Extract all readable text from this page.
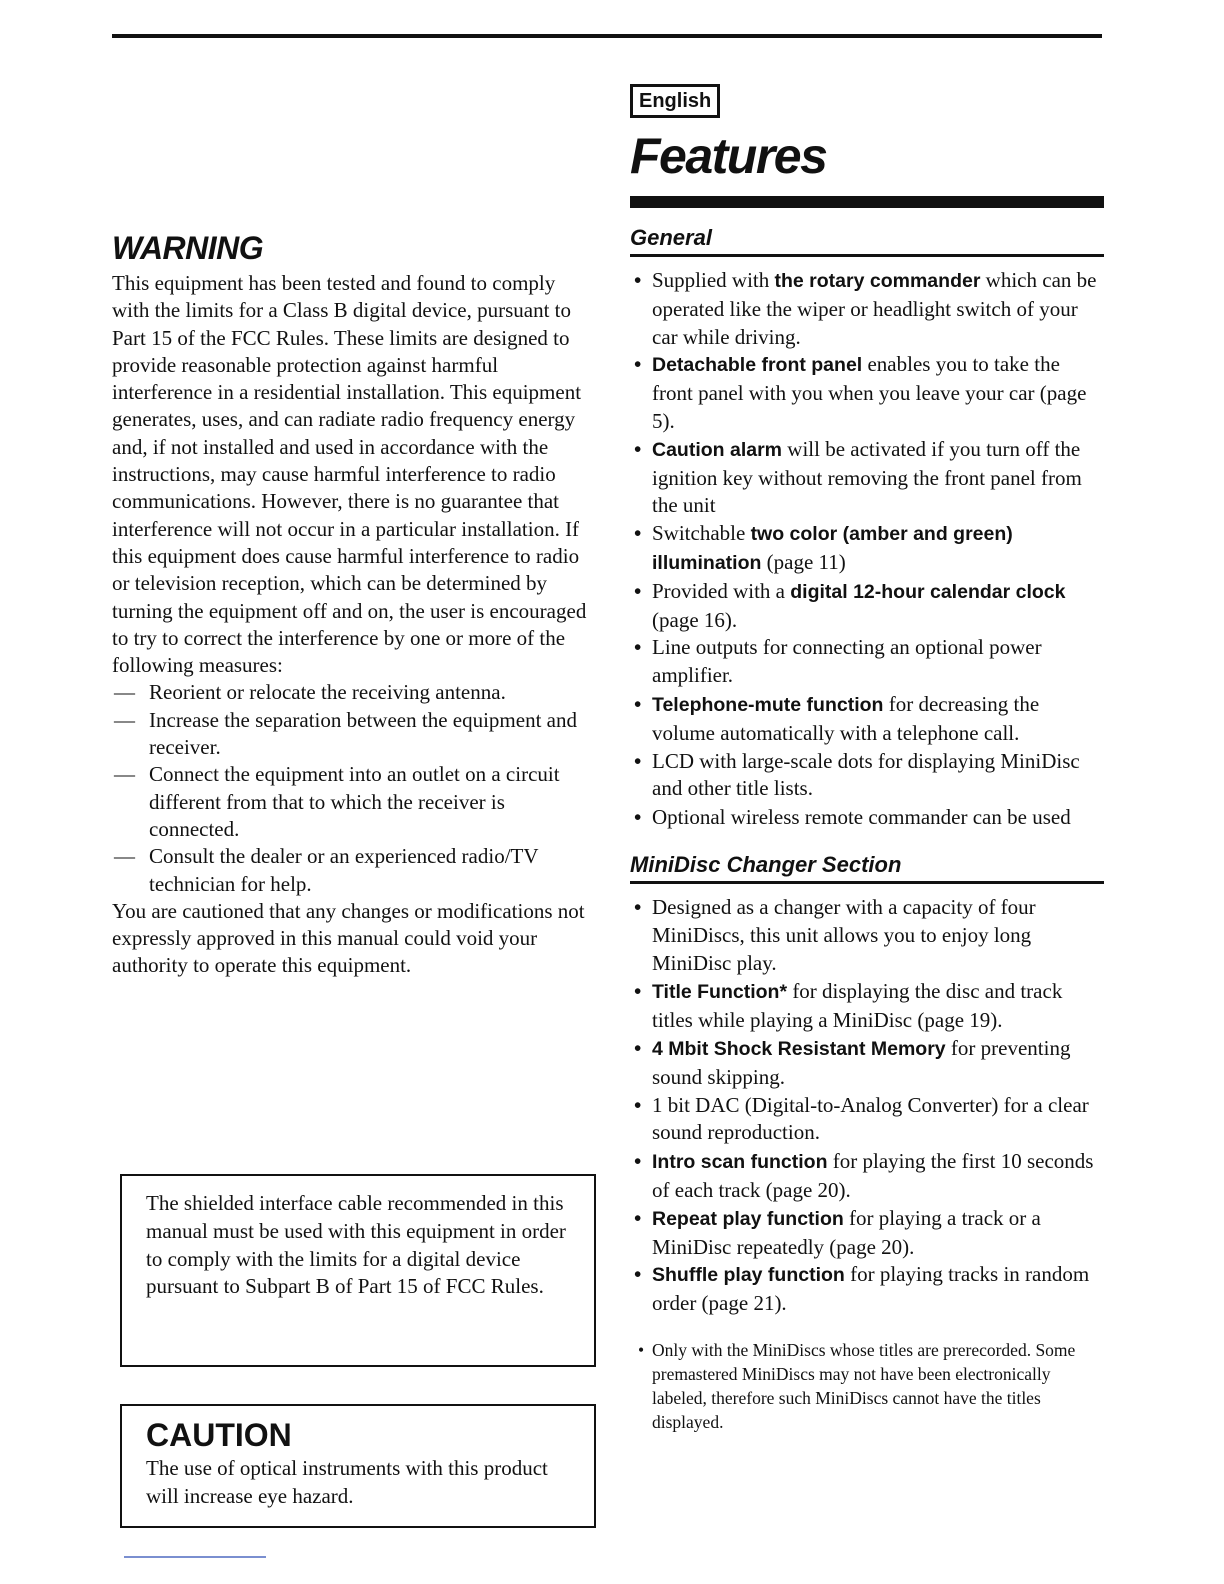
WARNING

This equipment has been tested and found to comply with the limits for a Class B digital device, pursuant to Part 15 of the FCC Rules. These limits are designed to provide reasonable protection against harmful interference in a residential installation. This equipment generates, uses, and can radiate radio frequency energy and, if not installed and used in accordance with the instructions, may cause harmful interference to radio communications. However, there is no guarantee that interference will not occur in a particular installation. If this equipment does cause harmful interference to radio or television reception, which can be determined by turning the equipment off and on, the user is encouraged to try to correct the interference by one or more of the following measures:

— Reorient or relocate the receiving antenna.
— Increase the separation between the equipment and receiver.
— Connect the equipment into an outlet on a circuit different from that to which the receiver is connected.
— Consult the dealer or an experienced radio/TV technician for help.

You are cautioned that any changes or modifications not expressly approved in this manual could void your authority to operate this equipment.

The shielded interface cable recommended in this manual must be used with this equipment in order to comply with the limits for a digital device pursuant to Subpart B of Part 15 of FCC Rules.

CAUTION

The use of optical instruments with this product will increase eye hazard.

English
Features
General
• Supplied with the rotary commander which can be operated like the wiper or headlight switch of your car while driving.
• Detachable front panel enables you to take the front panel with you when you leave your car (page 5).
• Caution alarm will be activated if you turn off the ignition key without removing the front panel from the unit
• Switchable two color (amber and green) illumination (page 11)
• Provided with a digital 12-hour calendar clock (page 16).
• Line outputs for connecting an optional power amplifier.
• Telephone-mute function for decreasing the volume automatically with a telephone call.
• LCD with large-scale dots for displaying MiniDisc and other title lists.
• Optional wireless remote commander can be used
MiniDisc Changer Section
• Designed as a changer with a capacity of four MiniDiscs, this unit allows you to enjoy long MiniDisc play.
• Title Function* for displaying the disc and track titles while playing a MiniDisc (page 19).
• 4 Mbit Shock Resistant Memory for preventing sound skipping.
• 1 bit DAC (Digital-to-Analog Converter) for a clear sound reproduction.
• Intro scan function for playing the first 10 seconds of each track (page 20).
• Repeat play function for playing a track or a MiniDisc repeatedly (page 20).
• Shuffle play function for playing tracks in random order (page 21).

• Only with the MiniDiscs whose titles are prerecorded. Some premastered MiniDiscs may not have been electronically labeled, therefore such MiniDiscs cannot have the titles displayed.
